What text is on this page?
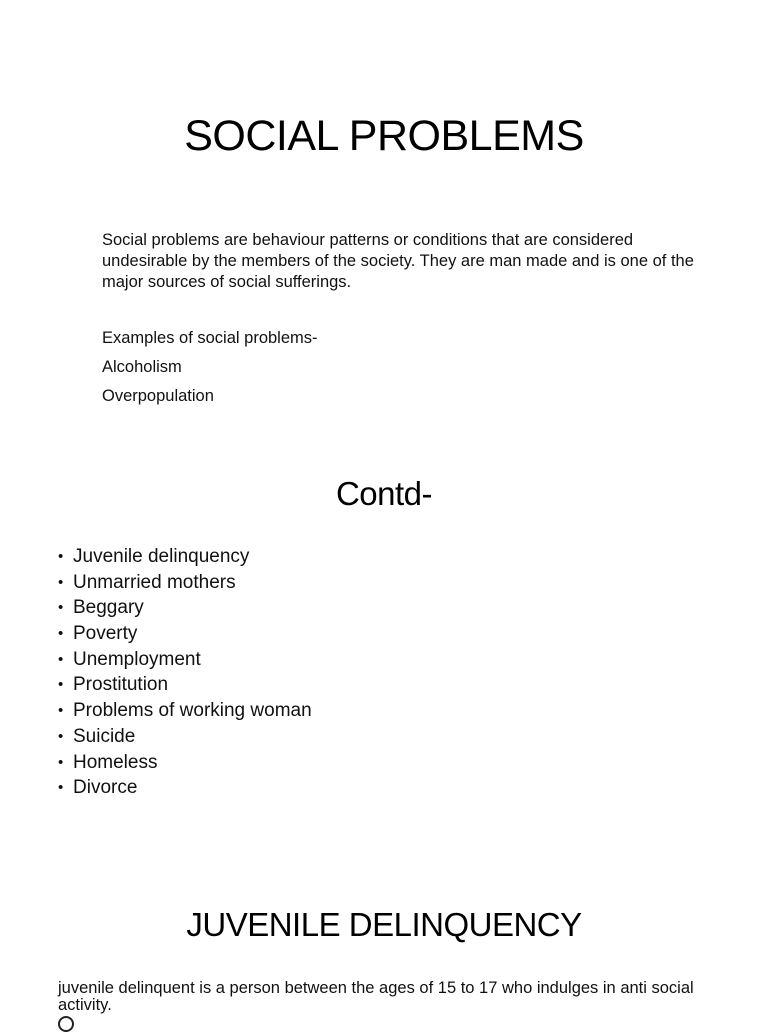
SOCIAL PROBLEMS

Social problems are behaviour patterns or conditions that are considered undesirable by the members of the society. They are man made and is one of the major sources of social sufferings.

Examples of social problems-
Alcoholism
Overpopulation
Contd-
• Juvenile delinquency
• Unmarried mothers
• Beggary
• Poverty
• Unemployment
• Prostitution
• Problems of working woman
• Suicide
• Homeless
• Divorce
JUVENILE DELINQUENCY

juvenile delinquent is a person between the ages of 15 to 17 who indulges in anti social activity.
